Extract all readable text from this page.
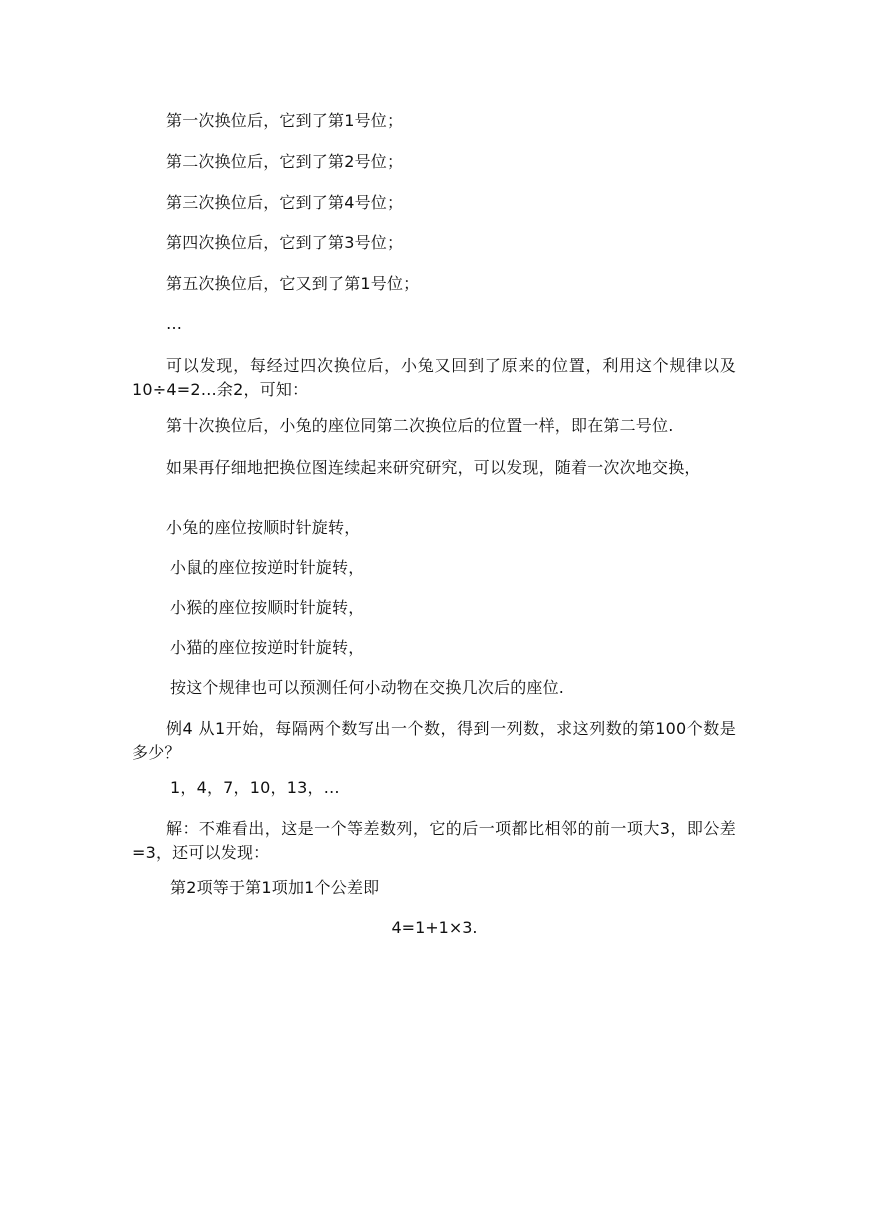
第一次换位后，它到了第1号位；
第二次换位后，它到了第2号位；
第三次换位后，它到了第4号位；
第四次换位后，它到了第3号位；
第五次换位后，它又到了第1号位；
…
可以发现，每经过四次换位后，小兔又回到了原来的位置，利用这个规律以及10÷4=2…余2，可知：
第十次换位后，小兔的座位同第二次换位后的位置一样，即在第二号位.
如果再仔细地把换位图连续起来研究研究，可以发现，随着一次次地交换，
小兔的座位按顺时针旋转，
小鼠的座位按逆时针旋转，
小猴的座位按顺时针旋转，
小猫的座位按逆时针旋转，
按这个规律也可以预测任何小动物在交换几次后的座位.
例4 从1开始，每隔两个数写出一个数，得到一列数，求这列数的第100个数是多少？
1，4，7，10，13，…
解：不难看出，这是一个等差数列，它的后一项都比相邻的前一项大3，即公差=3，还可以发现：
第2项等于第1项加1个公差即
4=1+1×3.
